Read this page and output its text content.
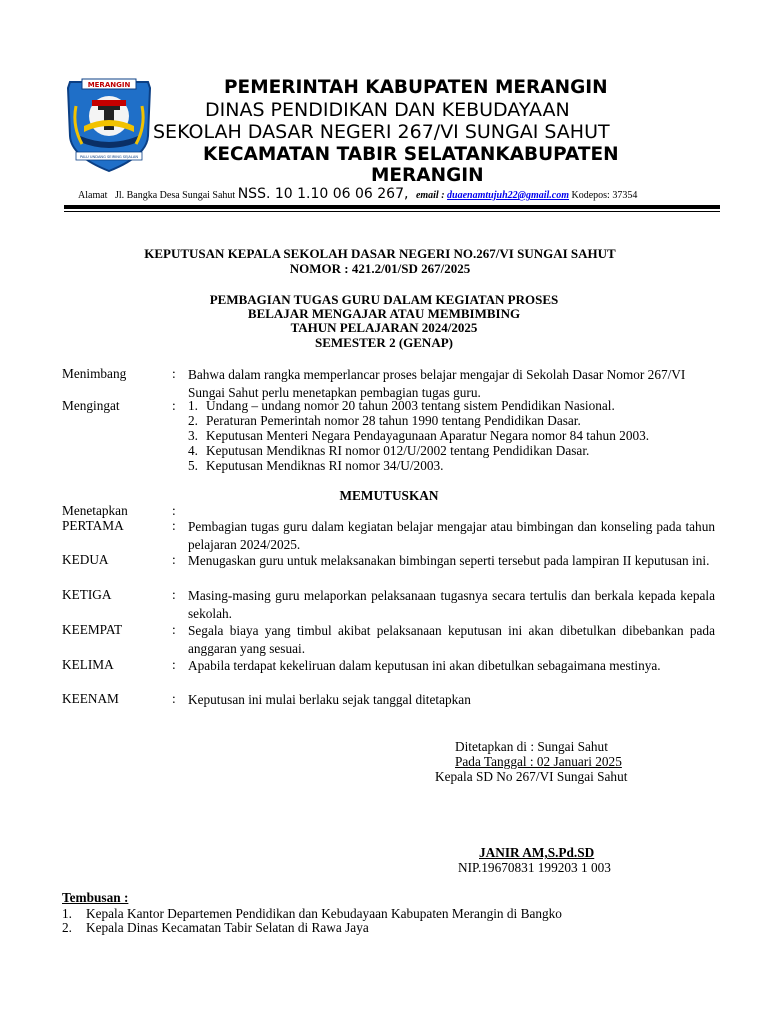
MERANGIN
PALU UNDANG SEIRING SEJALAN
PEMERINTAH KABUPATEN MERANGIN
DINAS PENDIDIKAN DAN KEBUDAYAAN
SEKOLAH DASAR NEGERI 267/VI SUNGAI SAHUT
KECAMATAN TABIR SELATANKABUPATEN
MERANGIN
Alamat Jl. Bangka Desa Sungai Sahut NSS. 10 1.10 06 06 267, email : duaenamtujuh22@gmail.com Kodepos: 37354
KEPUTUSAN KEPALA SEKOLAH DASAR NEGERI NO.267/VI SUNGAI SAHUT
NOMOR : 421.2/01/SD 267/2025
PEMBAGIAN TUGAS GURU DALAM KEGIATAN PROSES
BELAJAR MENGAJAR ATAU MEMBIMBING
TAHUN PELAJARAN 2024/2025
SEMESTER 2 (GENAP)
Menimbang	: Bahwa dalam rangka memperlancar proses belajar mengajar di Sekolah Dasar Nomor 267/VI Sungai Sahut perlu menetapkan pembagian tugas guru.
Mengingat	: 1. Undang – undang nomor 20 tahun 2003 tentang sistem Pendidikan Nasional.
2. Peraturan Pemerintah nomor 28 tahun 1990 tentang Pendidikan Dasar.
3. Keputusan Menteri Negara Pendayagunaan Aparatur Negara nomor 84 tahun 2003.
4. Keputusan Mendiknas RI nomor 012/U/2002 tentang Pendidikan Dasar.
5. Keputusan Mendiknas RI nomor 34/U/2003.
MEMUTUSKAN
Menetapkan	:
PERTAMA	: Pembagian tugas guru dalam kegiatan belajar mengajar atau bimbingan dan konseling pada tahun pelajaran 2024/2025.
KEDUA	: Menugaskan guru untuk melaksanakan bimbingan seperti tersebut pada lampiran II keputusan ini.
KETIGA	: Masing-masing guru melaporkan pelaksanaan tugasnya secara tertulis dan berkala kepada kepala sekolah.
KEEMPAT	: Segala biaya yang timbul akibat pelaksanaan keputusan ini akan dibetulkan dibebankan pada anggaran yang sesuai.
KELIMA	: Apabila terdapat kekeliruan dalam keputusan ini akan dibetulkan sebagaimana mestinya.
KEENAM	: Keputusan ini mulai berlaku sejak tanggal ditetapkan
Ditetapkan di : Sungai Sahut
Pada Tanggal : 02 Januari 2025
Kepala SD No 267/VI Sungai Sahut
JANIR AM,S.Pd.SD
NIP.19670831 199203 1 003
Tembusan :
1. Kepala Kantor Departemen Pendidikan dan Kebudayaan Kabupaten Merangin di Bangko
2. Kepala Dinas Kecamatan Tabir Selatan di Rawa Jaya
